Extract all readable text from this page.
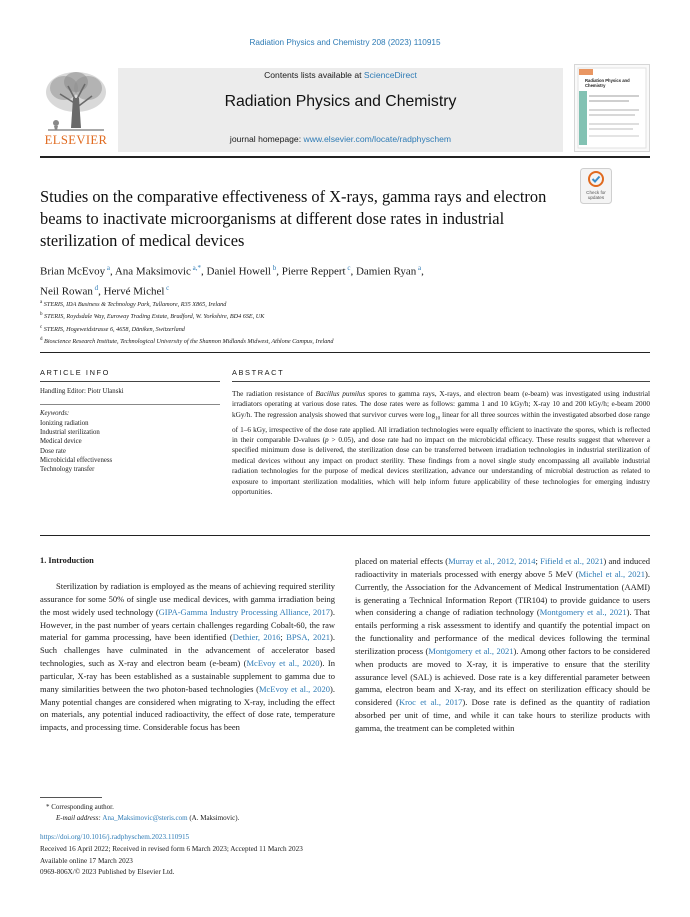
Radiation Physics and Chemistry 208 (2023) 110915
Contents lists available at ScienceDirect
Radiation Physics and Chemistry
journal homepage: www.elsevier.com/locate/radphyschem
ELSEVIER
Radiation Physics and
Chemistry
Studies on the comparative effectiveness of X-rays, gamma rays and electron beams to inactivate microorganisms at different dose rates in industrial sterilization of medical devices
Check for
updates
Brian McEvoy $^a$, Ana Maksimovic $^{a,*}$, Daniel Howell $^b$, Pierre Reppert $^c$, Damien Ryan $^a$,
Neil Rowan $^d$, Hervé Michel $^c$
$^a$ STERIS, IDA Business & Technology Park, Tullamore, R35 X865, Ireland
$^b$ STERIS, Roydsdale Way, Euroway Trading Estate, Bradford, W. Yorkshire, BD4 6SE, UK
$^c$ STERIS, Hogeweidstrasse 6, 4658, Däniken, Switzerland
$^d$ Bioscience Research Institute, Technological University of the Shannon Midlands Midwest, Athlone Campus, Ireland
ARTICLE INFO
Handling Editor: Piotr Ulanski
Keywords:
Ionizing radiation
Industrial sterilization
Medical device
Dose rate
Microbicidal effectiveness
Technology transfer
ABSTRACT

The radiation resistance of Bacillus pumilus spores to gamma rays, X-rays, and electron beam (e-beam) was investigated using industrial irradiators operating at various dose rates. The dose rates were as follows: gamma 1 and 10 kGy/h; X-ray 10 and 200 kGy/h; e-beam 2000 kGy/h. The regression analysis showed that survivor curves were $\log_{10}$ linear for all three sources within the investigated absorbed dose range of 1–6 kGy, irrespective of the dose rate applied. All irradiation technologies were equally efficient to inactivate the spores, which is reflected in their comparable D-values (p > 0.05), and dose rate had no impact on the microbicidal efficacy. These results suggest that wherever a specified minimum dose is delivered, the sterilization dose can be transferred between irradiation technologies in industrial sterilization of medical devices without any impact on product sterility. These findings from a novel single study encompassing all available industrial radiation technologies for the purpose of medical devices sterilization, advance our understanding of microbial destruction as related to exposure to important sterilization modalities, which will help inform future applicability of these technologies for emerging industry opportunities.

1. Introduction

Sterilization by radiation is employed as the means of achieving required sterility assurance for some 50% of single use medical devices, with gamma irradiation being the most widely used technology (GIPA-Gamma Industry Processing Alliance, 2017). However, in the past number of years certain challenges regarding Cobalt-60, the raw material for gamma processing, have been identified (Dethier, 2016; BPSA, 2021). Such challenges have culminated in the advancement of accelerator based technologies, such as X-ray and electron beam (e-beam) (McEvoy et al., 2020). In particular, X-ray has been established as a sustainable supplement to gamma due to many similarities between the two photon-based technologies (McEvoy et al., 2020). Many potential changes are considered when migrating to X-ray, including the effect on materials, any potential induced radioactivity, the effect of dose rate, temperature impacts, and processing time. Considerable focus has been

placed on material effects (Murray et al., 2012, 2014; Fifield et al., 2021) and induced radioactivity in materials processed with energy above 5 MeV (Michel et al., 2021). Currently, the Association for the Advancement of Medical Instrumentation (AAMI) is generating a Technical Information Report (TIR104) to provide guidance to users when considering a change of radiation technology (Montgomery et al., 2021). That entails performing a risk assessment to identify and quantify the potential impact on the functionality and performance of the medical devices following the terminal sterilization process (Montgomery et al., 2021). Among other factors to be considered when products are moved to X-ray, it is imperative to ensure that the sterility assurance level (SAL) is achieved. Dose rate is a key differential parameter between gamma, electron beam and X-ray, and its effect on sterilization efficacy should be considered (Kroc et al., 2017). Dose rate is defined as the quantity of radiation absorbed per unit of time, and while it can take hours to sterilize products with gamma, the treatment can be completed within

* Corresponding author.
E-mail address: Ana_Maksimovic@steris.com (A. Maksimovic).
https://doi.org/10.1016/j.radphyschem.2023.110915
Received 16 April 2022; Received in revised form 6 March 2023; Accepted 11 March 2023
Available online 17 March 2023
0969-806X/© 2023 Published by Elsevier Ltd.
